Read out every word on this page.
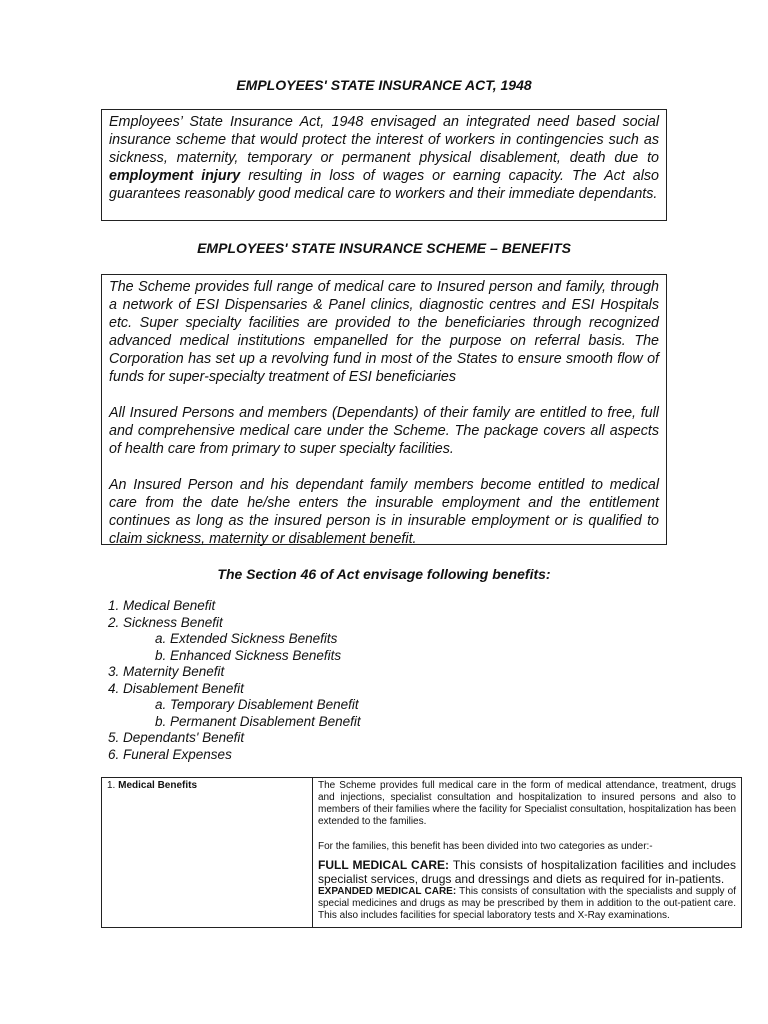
EMPLOYEES' STATE INSURANCE ACT, 1948

Employees’ State Insurance Act, 1948 envisaged an integrated need based social insurance scheme that would protect the interest of workers in contingencies such as sickness, maternity, temporary or permanent physical disablement, death due to employment injury resulting in loss of wages or earning capacity. The Act also guarantees reasonably good medical care to workers and their immediate dependants.

EMPLOYEES' STATE INSURANCE SCHEME – BENEFITS

The Scheme provides full range of medical care to Insured person and family, through a network of ESI Dispensaries & Panel clinics, diagnostic centres and ESI Hospitals etc. Super specialty facilities are provided to the beneficiaries through recognized advanced medical institutions empanelled for the purpose on referral basis. The Corporation has set up a revolving fund in most of the States to ensure smooth flow of funds for super-specialty treatment of ESI beneficiaries

All Insured Persons and members (Dependants) of their family are entitled to free, full and comprehensive medical care under the Scheme. The package covers all aspects of health care from primary to super specialty facilities.

An Insured Person and his dependant family members become entitled to medical care from the date he/she enters the insurable employment and the entitlement continues as long as the insured person is in insurable employment or is qualified to claim sickness, maternity or disablement benefit.

The Section 46 of Act envisage following benefits:
1. Medical Benefit
2. Sickness Benefit
a. Extended Sickness Benefits
b. Enhanced Sickness Benefits
3. Maternity Benefit
4. Disablement Benefit
a. Temporary Disablement Benefit
b. Permanent Disablement Benefit
5. Dependants' Benefit
6. Funeral Expenses
1. Medical Benefits	The Scheme provides full medical care in the form of medical attendance, treatment, drugs and injections, specialist consultation and hospitalization to insured persons and also to members of their families where the facility for Specialist consultation, hospitalization has been extended to the families.

For the families, this benefit has been divided into two categories as under:-

FULL MEDICAL CARE: This consists of hospitalization facilities and includes specialist services, drugs and dressings and diets as required for in-patients.

EXPANDED MEDICAL CARE: This consists of consultation with the specialists and supply of special medicines and drugs as may be prescribed by them in addition to the out-patient care. This also includes facilities for special laboratory tests and X-Ray examinations.
